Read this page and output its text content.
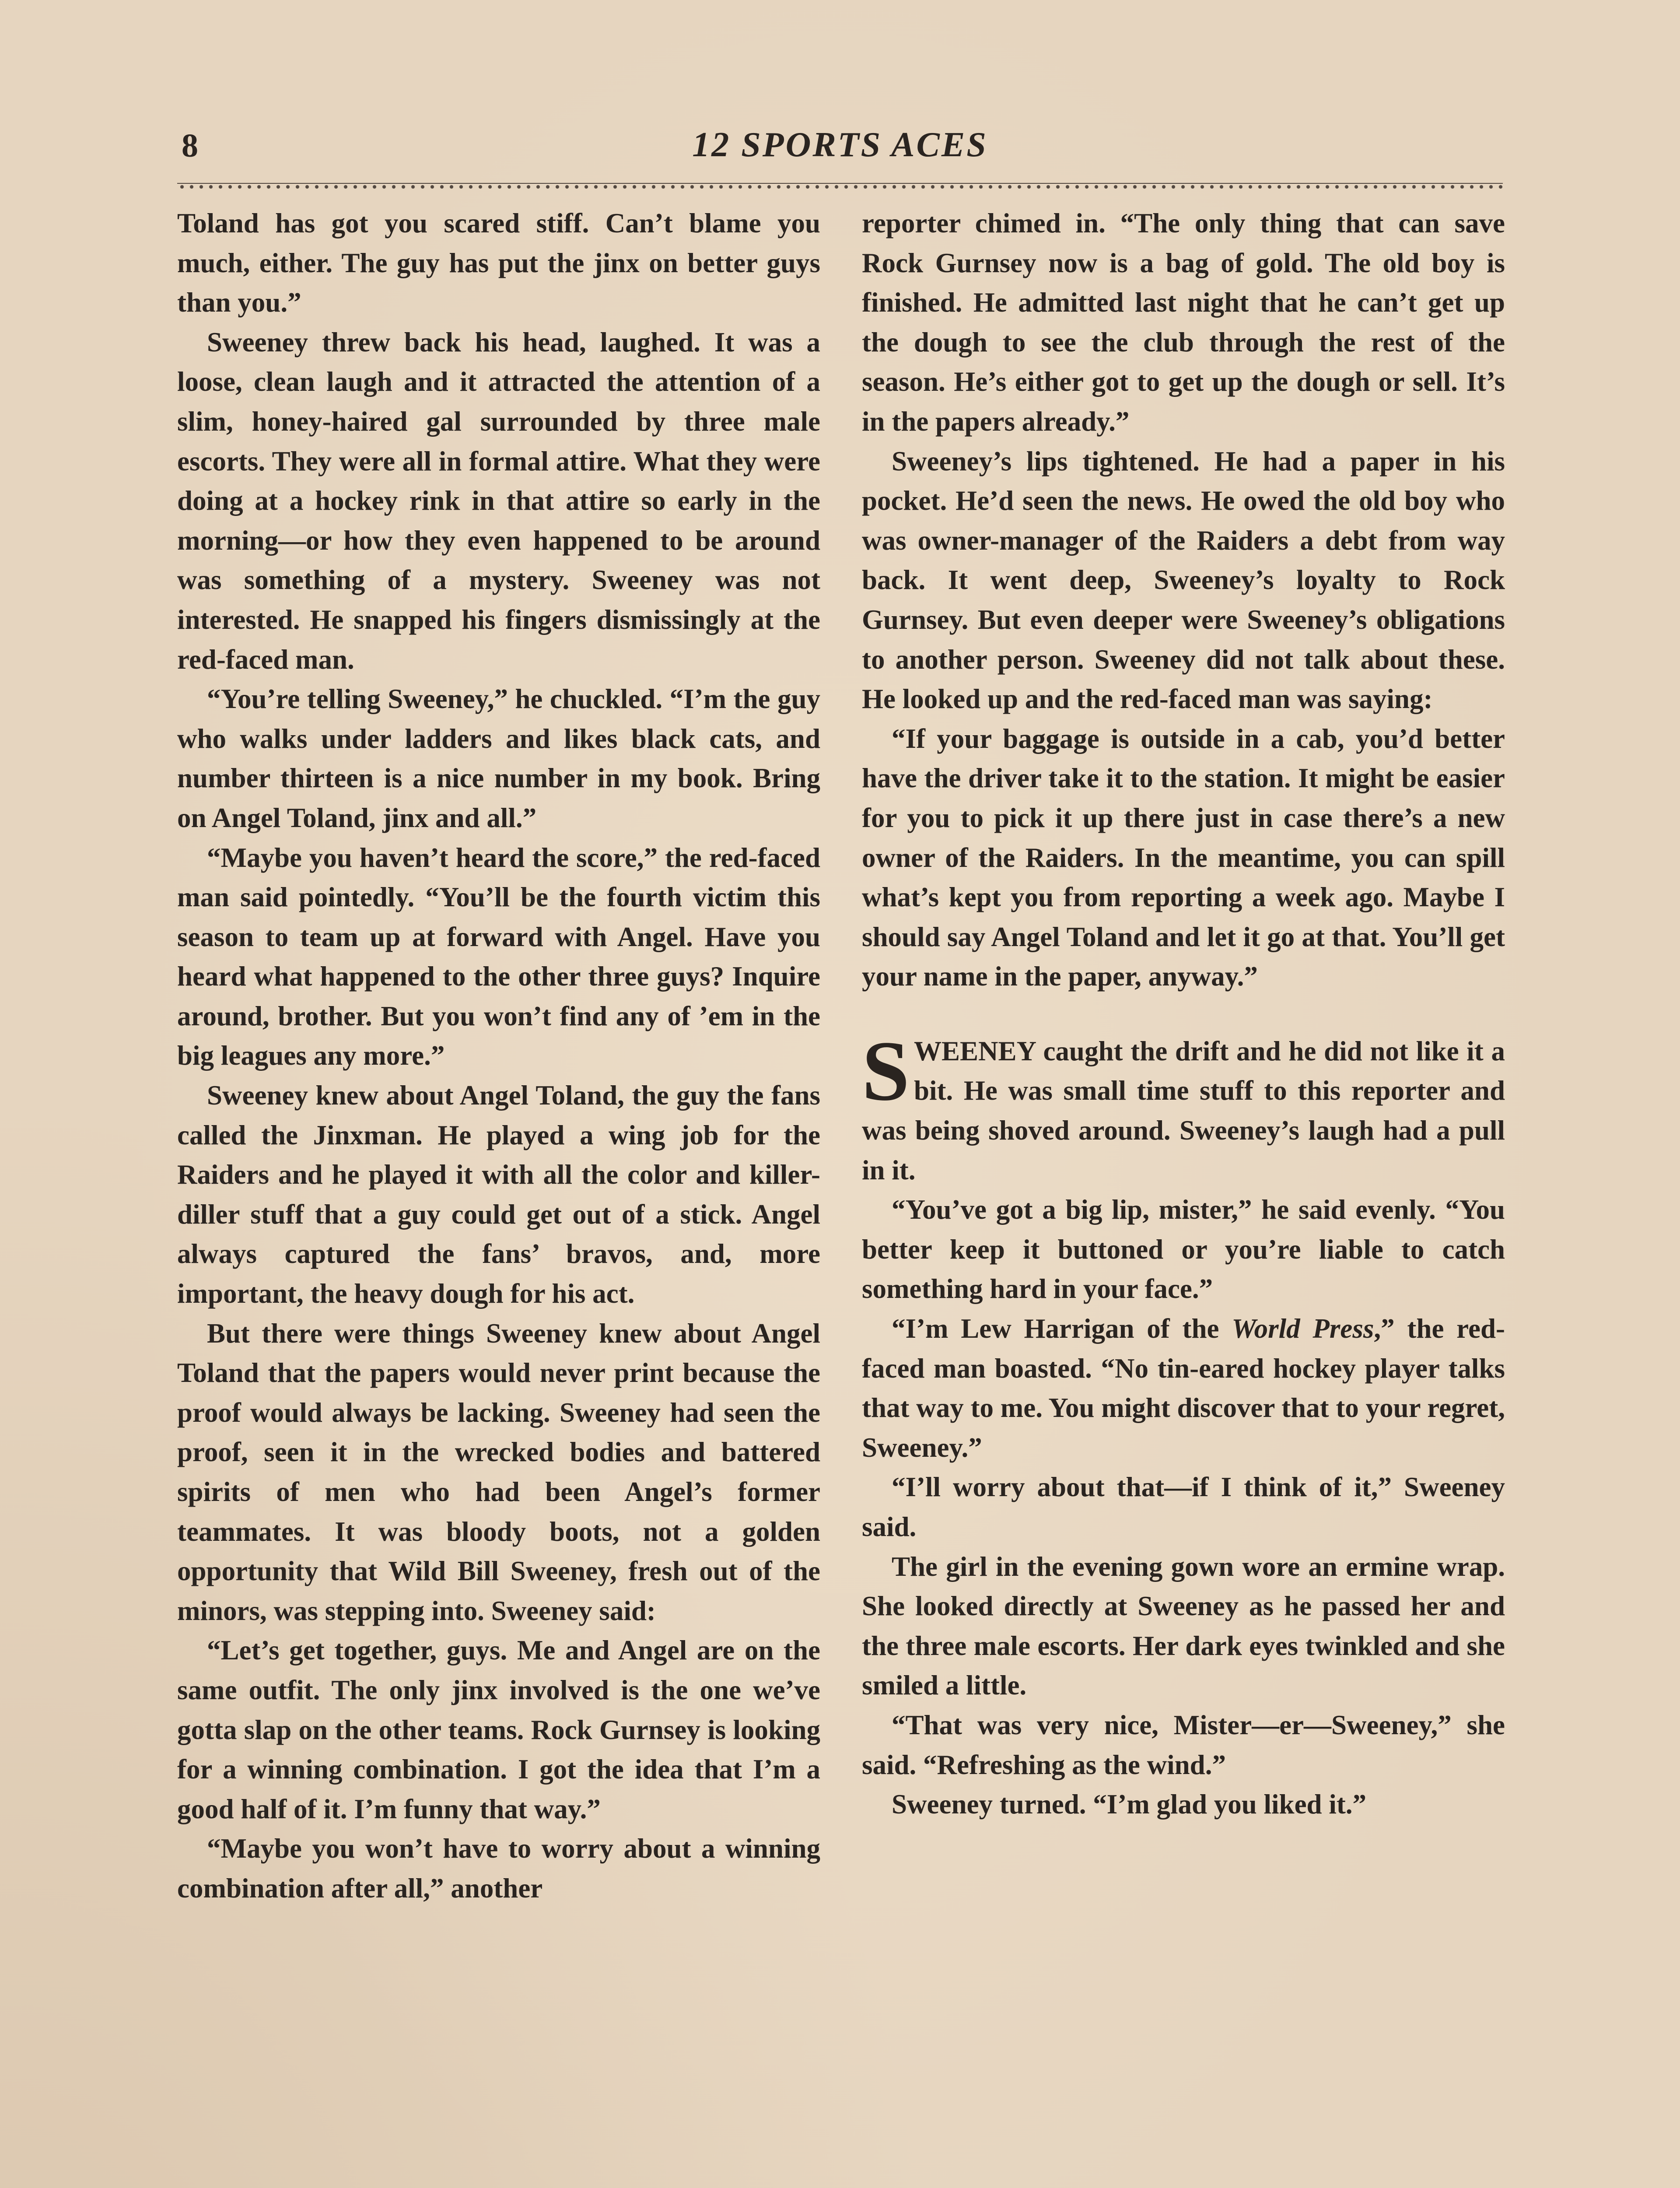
8	12 SPORTS ACES

Toland has got you scared stiff. Can’t blame you much, either. The guy has put the jinx on better guys than you.”

Sweeney threw back his head, laughed. It was a loose, clean laugh and it attracted the attention of a slim, honey-haired gal surrounded by three male escorts. They were all in formal attire. What they were doing at a hockey rink in that attire so early in the morning—or how they even happened to be around was something of a mystery. Sweeney was not interested. He snapped his fingers dismissingly at the red-faced man.

“You’re telling Sweeney,” he chuckled. “I’m the guy who walks under ladders and likes black cats, and number thirteen is a nice number in my book. Bring on Angel Toland, jinx and all.”

“Maybe you haven’t heard the score,” the red-faced man said pointedly. “You’ll be the fourth victim this season to team up at forward with Angel. Have you heard what happened to the other three guys? Inquire around, brother. But you won’t find any of ’em in the big leagues any more.”

Sweeney knew about Angel Toland, the guy the fans called the Jinxman. He played a wing job for the Raiders and he played it with all the color and killer-diller stuff that a guy could get out of a stick. Angel always captured the fans’ bravos, and, more important, the heavy dough for his act.

But there were things Sweeney knew about Angel Toland that the papers would never print because the proof would always be lacking. Sweeney had seen the proof, seen it in the wrecked bodies and battered spirits of men who had been Angel’s former teammates. It was bloody boots, not a golden opportunity that Wild Bill Sweeney, fresh out of the minors, was stepping into. Sweeney said:

“Let’s get together, guys. Me and Angel are on the same outfit. The only jinx involved is the one we’ve gotta slap on the other teams. Rock Gurnsey is looking for a winning combination. I got the idea that I’m a good half of it. I’m funny that way.”

“Maybe you won’t have to worry about a winning combination after all,” another

reporter chimed in. “The only thing that can save Rock Gurnsey now is a bag of gold. The old boy is finished. He admitted last night that he can’t get up the dough to see the club through the rest of the season. He’s either got to get up the dough or sell. It’s in the papers already.”

Sweeney’s lips tightened. He had a paper in his pocket. He’d seen the news. He owed the old boy who was owner-manager of the Raiders a debt from way back. It went deep, Sweeney’s loyalty to Rock Gurnsey. But even deeper were Sweeney’s obligations to another person. Sweeney did not talk about these. He looked up and the red-faced man was saying:

“If your baggage is outside in a cab, you’d better have the driver take it to the station. It might be easier for you to pick it up there just in case there’s a new owner of the Raiders. In the meantime, you can spill what’s kept you from reporting a week ago. Maybe I should say Angel Toland and let it go at that. You’ll get your name in the paper, anyway.”

SWEENEY caught the drift and he did not like it a bit. He was small time stuff to this reporter and was being shoved around. Sweeney’s laugh had a pull in it.

“You’ve got a big lip, mister,” he said evenly. “You better keep it buttoned or you’re liable to catch something hard in your face.”

“I’m Lew Harrigan of the World Press,” the red-faced man boasted. “No tin-eared hockey player talks that way to me. You might discover that to your regret, Sweeney.”

“I’ll worry about that—if I think of it,” Sweeney said.

The girl in the evening gown wore an ermine wrap. She looked directly at Sweeney as he passed her and the three male escorts. Her dark eyes twinkled and she smiled a little.

“That was very nice, Mister—er—Sweeney,” she said. “Refreshing as the wind.”

Sweeney turned. “I’m glad you liked it.”
